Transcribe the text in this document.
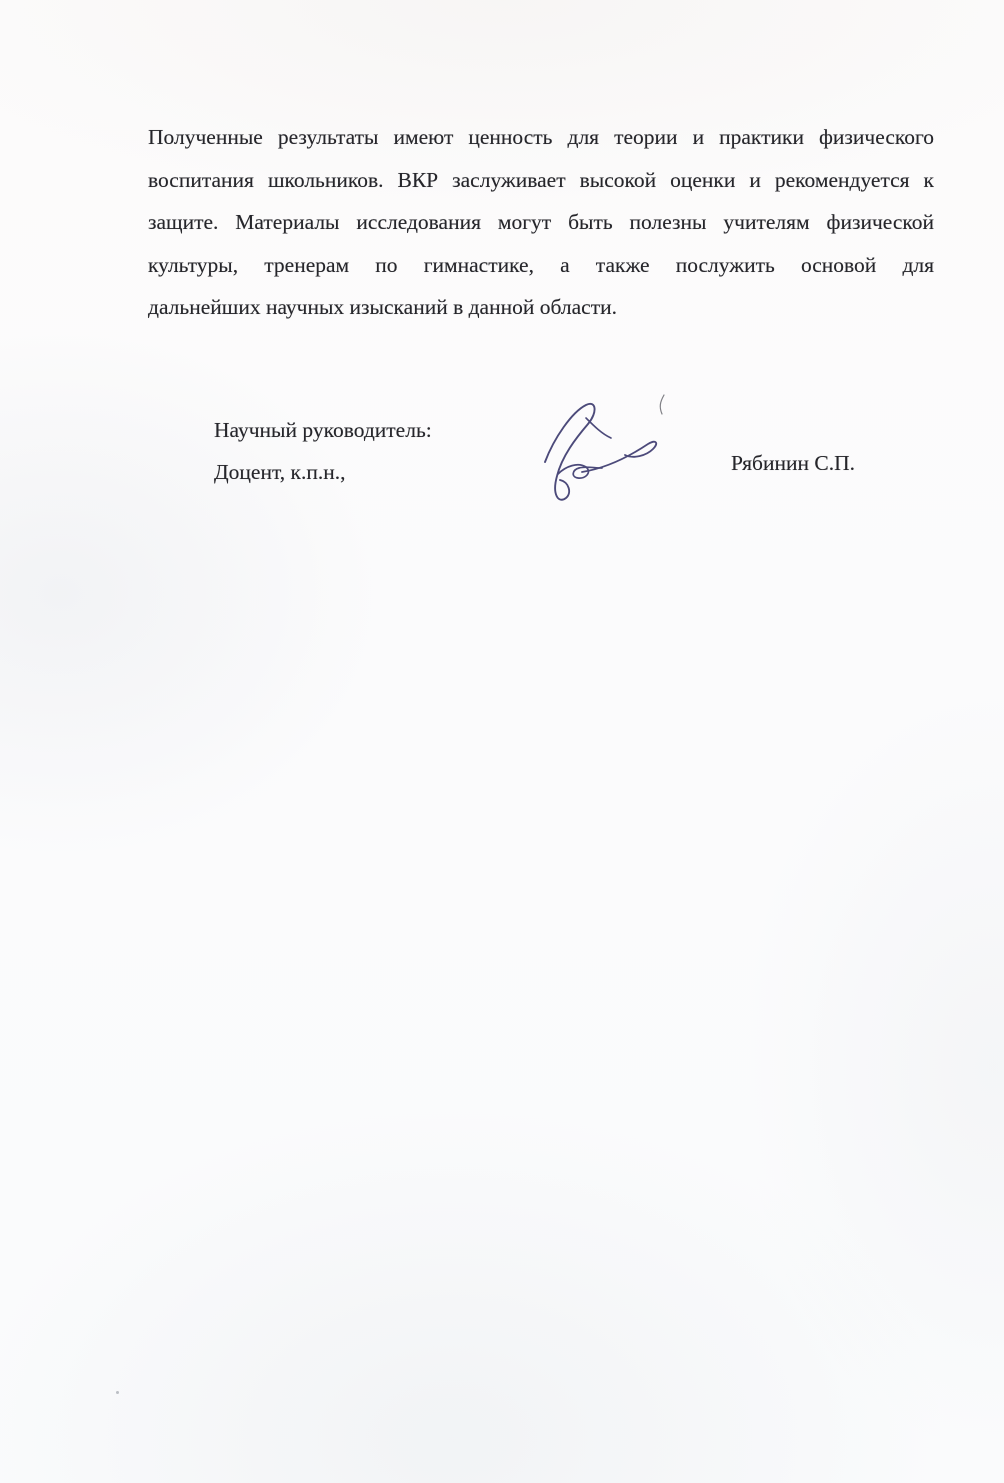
Полученные результаты имеют ценность для теории и практики физического
воспитания школьников. ВКР заслуживает высокой оценки и рекомендуется к
защите. Материалы исследования могут быть полезны учителям физической
культуры, тренерам по гимнастике, а также послужить основой для
дальнейших научных изысканий в данной области.
Научный руководитель:
Доцент, к.п.н.,	Рябинин С.П.
